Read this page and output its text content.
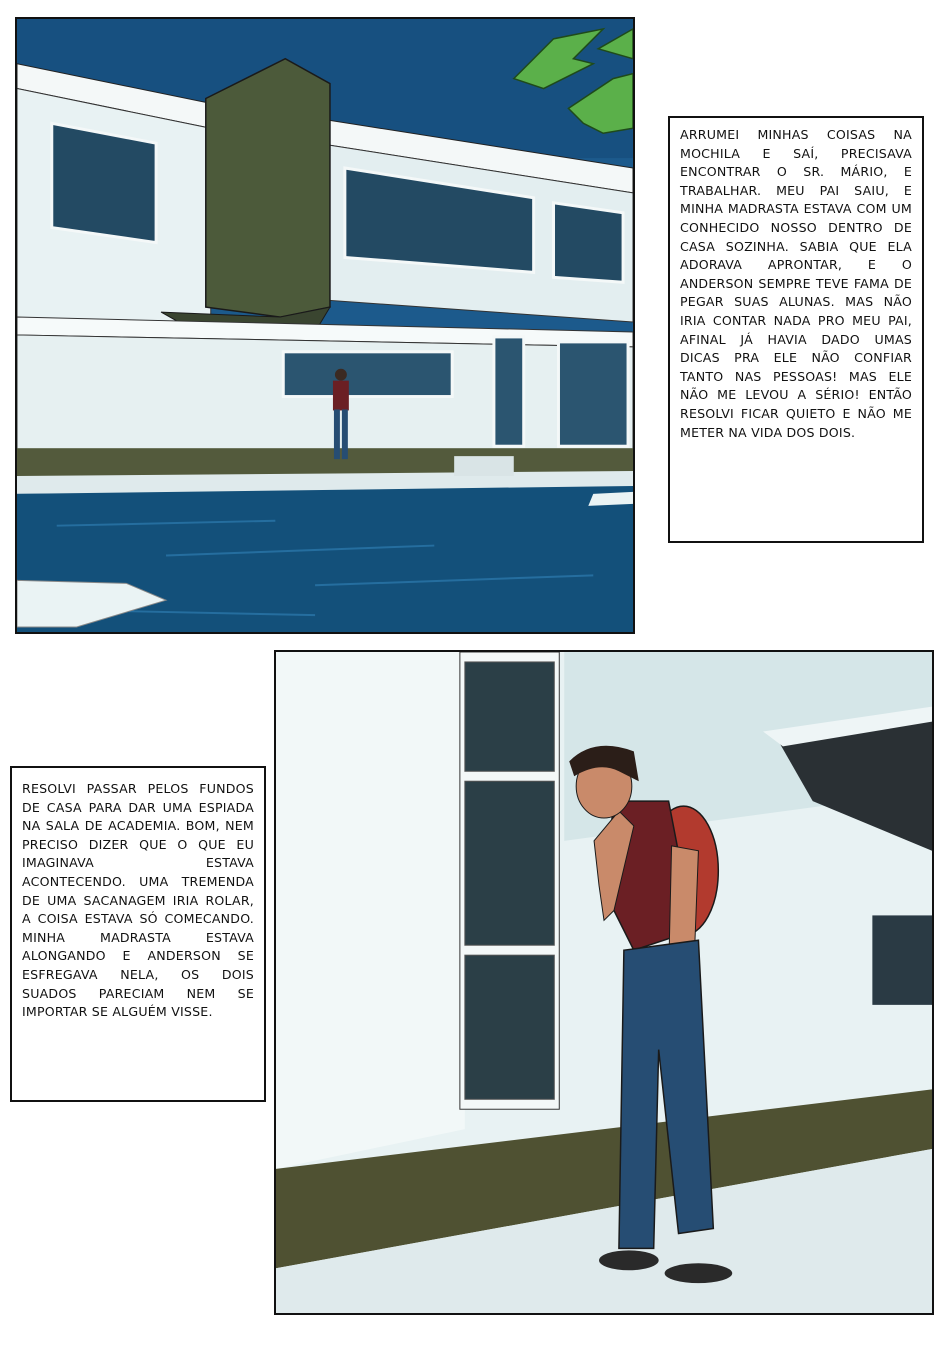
ARRUMEI MINHAS COISAS NA MOCHILA E SAÍ, PRECISAVA ENCONTRAR O SR. MÁRIO, E TRABALHAR. MEU PAI SAIU, E MINHA MADRASTA ESTAVA COM UM CONHECIDO NOSSO DENTRO DE CASA SOZINHA. SABIA QUE ELA ADORAVA APRONTAR, E O ANDERSON SEMPRE TEVE FAMA DE PEGAR SUAS ALUNAS. MAS NÃO IRIA CONTAR NADA PRO MEU PAI, AFINAL JÁ HAVIA DADO UMAS DICAS PRA ELE NÃO CONFIAR TANTO NAS PESSOAS! MAS ELE NÃO ME LEVOU A SÉRIO! ENTÃO RESOLVI FICAR QUIETO E NÃO ME METER NA VIDA DOS DOIS.

RESOLVI PASSAR PELOS FUNDOS DE CASA PARA DAR UMA ESPIADA NA SALA DE ACADEMIA. BOM, NEM PRECISO DIZER QUE O QUE EU IMAGINAVA ESTAVA ACONTECENDO. UMA TREMENDA DE UMA SACANAGEM IRIA ROLAR, A COISA ESTAVA SÓ COMECANDO. MINHA MADRASTA ESTAVA ALONGANDO E ANDERSON SE ESFREGAVA NELA, OS DOIS SUADOS PARECIAM NEM SE IMPORTAR SE ALGUÉM VISSE.
